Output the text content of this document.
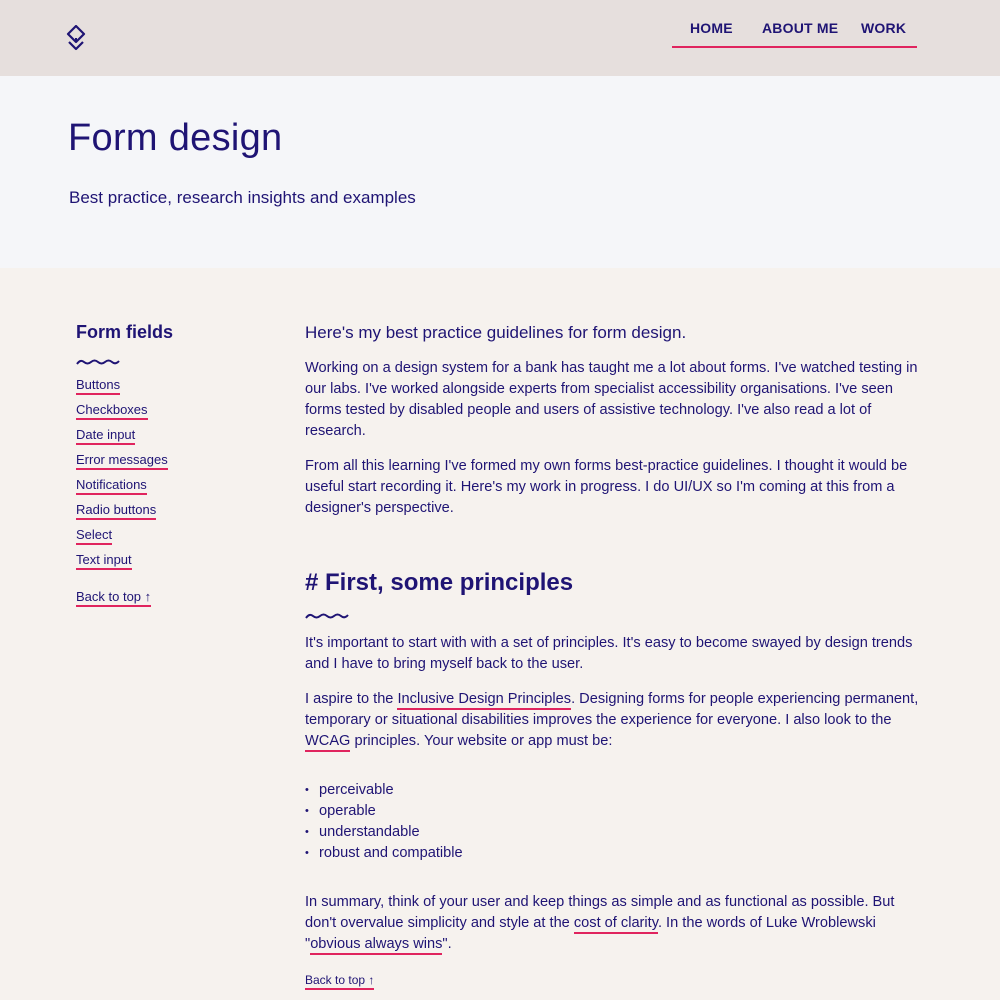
HOME ABOUT ME WORK
Form design

Best practice, research insights and examples

Form fields
Buttons
Checkboxes
Date input
Error messages
Notifications
Radio buttons
Select
Text input
Back to top ↑

Here's my best practice guidelines for form design.

Working on a design system for a bank has taught me a lot about forms. I've watched testing in our labs. I've worked alongside experts from specialist accessibility organisations. I've seen forms tested by disabled people and users of assistive technology. I've also read a lot of research.

From all this learning I've formed my own forms best-practice guidelines. I thought it would be useful start recording it. Here's my work in progress. I do UI/UX so I'm coming at this from a designer's perspective.

# First, some principles

It's important to start with with a set of principles. It's easy to become swayed by design trends and I have to bring myself back to the user.

I aspire to the Inclusive Design Principles. Designing forms for people experiencing permanent, temporary or situational disabilities improves the experience for everyone. I also look to the WCAG principles. Your website or app must be:

• perceivable
• operable
• understandable
• robust and compatible

In summary, think of your user and keep things as simple and as functional as possible. But don't overvalue simplicity and style at the cost of clarity. In the words of Luke Wroblewski "obvious always wins".

Back to top ↑
